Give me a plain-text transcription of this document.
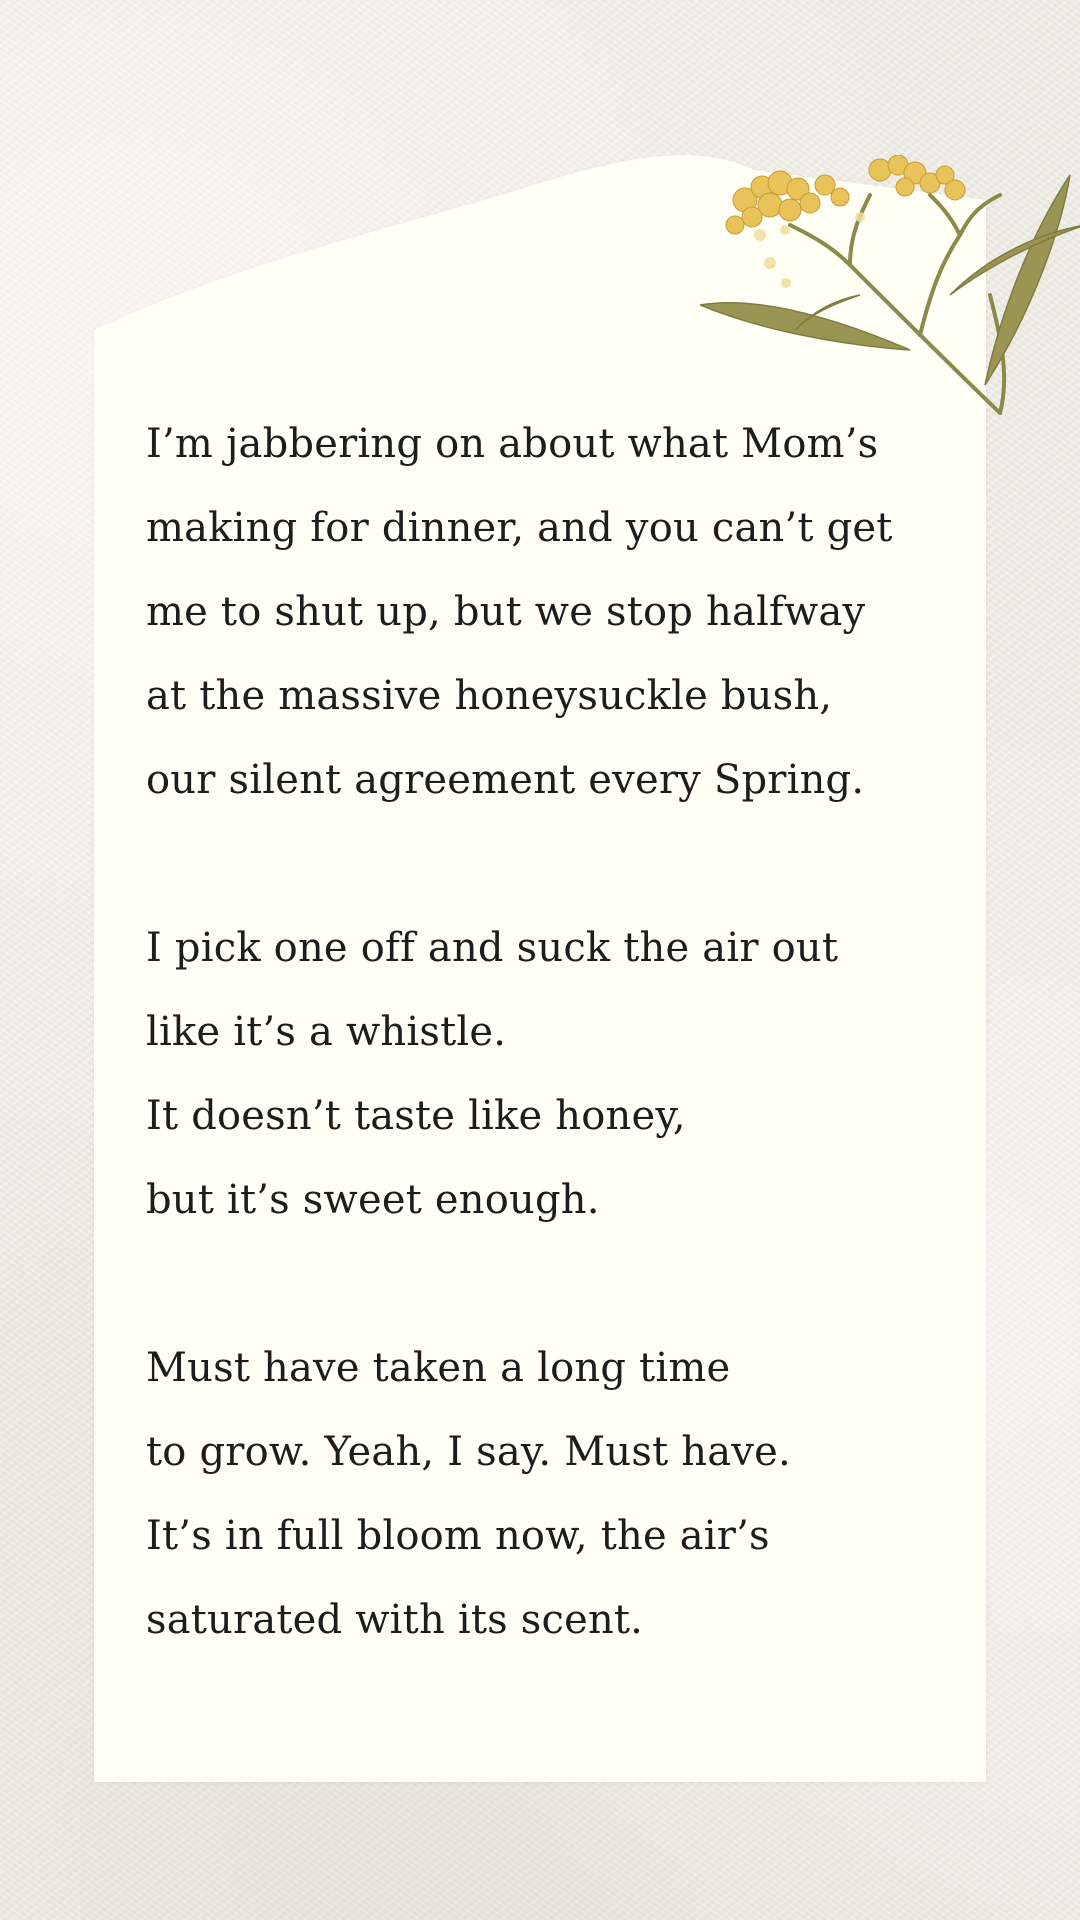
I’m jabbering on about what Mom’s
making for dinner, and you can’t get
me to shut up, but we stop halfway
at the massive honeysuckle bush,
our silent agreement every Spring.
I pick one off and suck the air out
like it’s a whistle.
It doesn’t taste like honey,
but it’s sweet enough.
Must have taken a long time
to grow. Yeah, I say. Must have.
It’s in full bloom now, the air’s
saturated with its scent.
